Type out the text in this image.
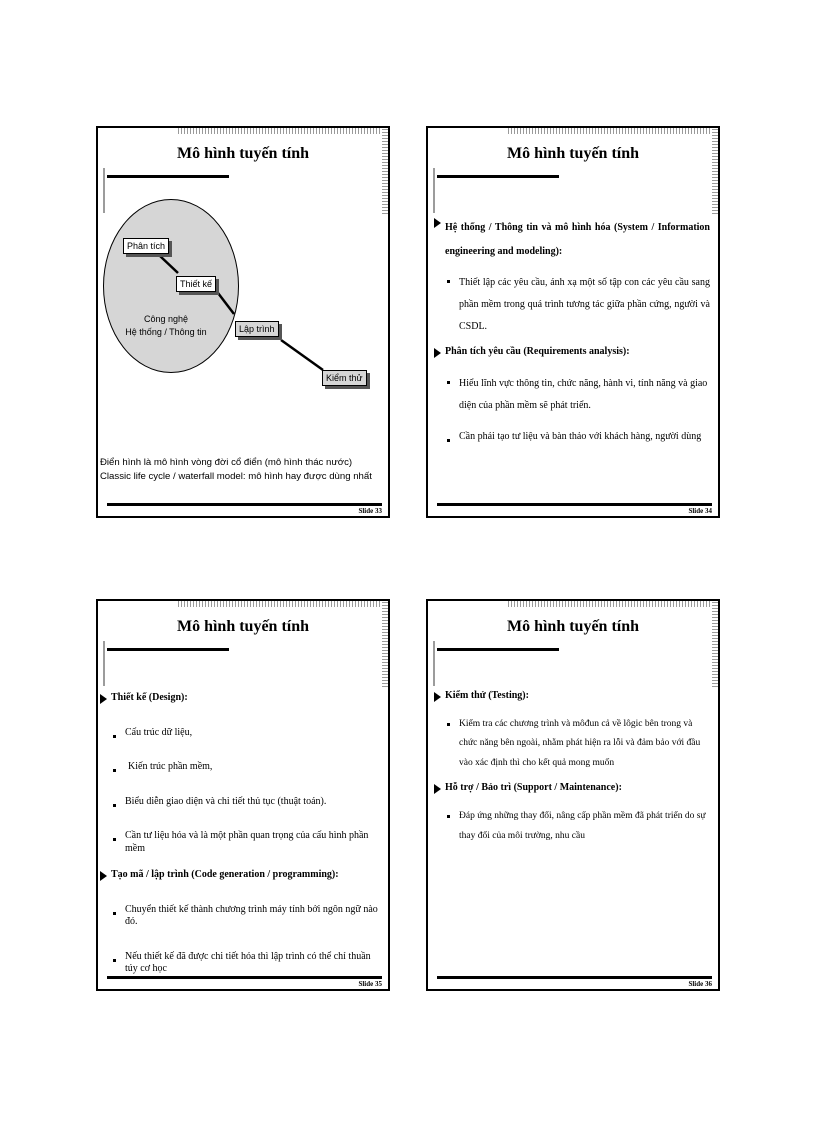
Mô hình tuyến tính
Phân tích
Thiết kế
Lập trình
Kiểm thử
Công nghệ
Hệ thống / Thông tin
Điển hình là mô hình vòng đời cổ điển (mô hình thác nước) Classic life cycle / waterfall model: mô hình hay được dùng nhất
Slide 33
Mô hình tuyến tính
Hệ thống / Thông tin và mô hình hóa (System / Information engineering and modeling):
Thiết lập các yêu cầu, ánh xạ một số tập con các yêu cầu sang phần mềm trong quá trình tương tác giữa phần cứng, người và CSDL.
Phân tích yêu cầu (Requirements analysis):
Hiểu lĩnh vực thông tin, chức năng, hành vi, tính năng và giao diện của phần mềm sẽ phát triển.
Cần phải tạo tư liệu và bàn thảo với khách hàng, người dùng
Slide 34
Mô hình tuyến tính
Thiết kế (Design):
Cấu trúc dữ liệu,
Kiến trúc phần mềm,
Biểu diễn giao diện và chi tiết thủ tục (thuật toán).
Cần tư liệu hóa và là một phần quan trọng của cấu hình phần mềm
Tạo mã / lập trình (Code generation / programming):
Chuyển thiết kế thành chương trình máy tính bởi ngôn ngữ nào đó.
Nếu thiết kế đã được chi tiết hóa thì lập trình có thể chỉ thuần túy cơ học
Slide 35
Mô hình tuyến tính
Kiểm thử (Testing):
Kiểm tra các chương trình và môđun cả về lôgic bên trong và chức năng bên ngoài, nhằm phát hiện ra lỗi và đảm bảo với đầu vào xác định thì cho kết quả mong muốn
Hỗ trợ / Bảo trì (Support / Maintenance):
Đáp ứng những thay đổi, nâng cấp phần mềm đã phát triển do sự thay đổi của môi trường, nhu cầu
Slide 36
